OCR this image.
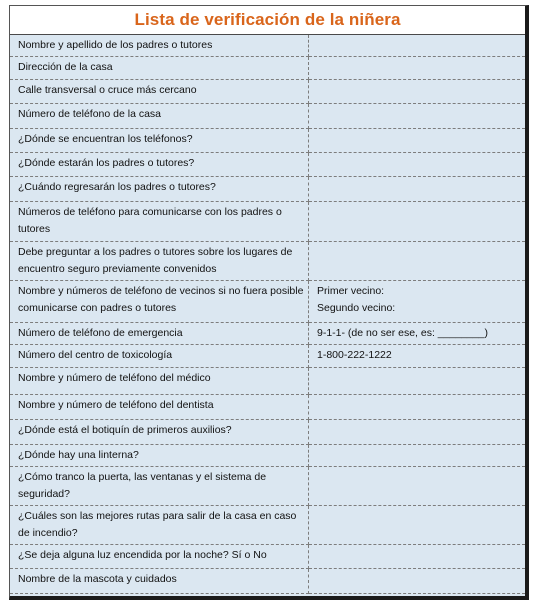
Lista de verificación de la niñera
Nombre y apellido de los padres o tutores	
Dirección de la casa	
Calle transversal o cruce más cercano	
Número de teléfono de la casa	
¿Dónde se encuentran los teléfonos?	
¿Dónde estarán los padres o tutores?	
¿Cuándo regresarán los padres o tutores?	
Números de teléfono para comunicarse con los padres o tutores	
Debe preguntar a los padres o tutores sobre los lugares de encuentro seguro previamente convenidos	
Nombre y números de teléfono de vecinos si no fuera posible comunicarse con padres o tutores	Primer vecino:
Segundo vecino:

Número de teléfono de emergencia	9-1-1- (de no ser ese, es: ________)

Número del centro de toxicología	1-800-222-1222

Nombre y número de teléfono del médico	
Nombre y número de teléfono del dentista	
¿Dónde está el botiquín de primeros auxilios?	
¿Dónde hay una linterna?	
¿Cómo tranco la puerta, las ventanas y el sistema de seguridad?	
¿Cuáles son las mejores rutas para salir de la casa en caso de incendio?	
¿Se deja alguna luz encendida por la noche? Sí o No	
Nombre de la mascota y cuidados	
